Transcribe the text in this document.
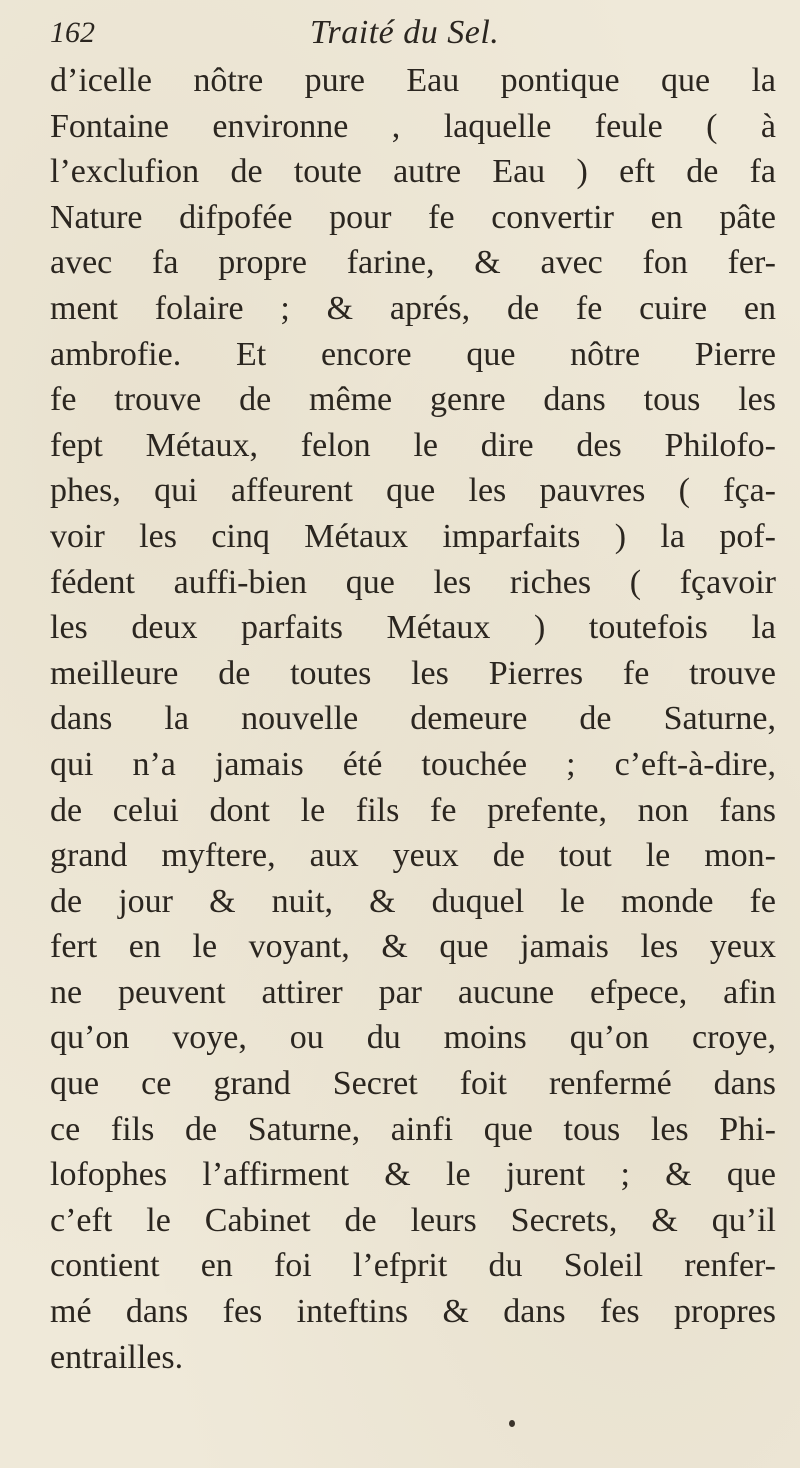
162	Traité du Sel.
d’icelle nôtre pure Eau pontique que la
Fontaine environne , laquelle feule ( à
l’exclufion de toute autre Eau ) eft de fa
Nature difpofée pour fe convertir en pâte
avec fa propre farine, & avec fon fer-
ment folaire ; & aprés, de fe cuire en
ambrofie. Et encore que nôtre Pierre
fe trouve de même genre dans tous les
fept Métaux, felon le dire des Philofo-
phes, qui affeurent que les pauvres ( fça-
voir les cinq Métaux imparfaits ) la pof-
fédent auffi-bien que les riches ( fçavoir
les deux parfaits Métaux ) toutefois la
meilleure de toutes les Pierres fe trouve
dans la nouvelle demeure de Saturne,
qui n’a jamais été touchée ; c’eft-à-dire,
de celui dont le fils fe prefente, non fans
grand myftere, aux yeux de tout le mon-
de jour & nuit, & duquel le monde fe
fert en le voyant, & que jamais les yeux
ne peuvent attirer par aucune efpece, afin
qu’on voye, ou du moins qu’on croye,
que ce grand Secret foit renfermé dans
ce fils de Saturne, ainfi que tous les Phi-
lofophes l’affirment & le jurent ; & que
c’eft le Cabinet de leurs Secrets, & qu’il
contient en foi l’efprit du Soleil renfer-
mé dans fes inteftins & dans fes propres
entrailles.
